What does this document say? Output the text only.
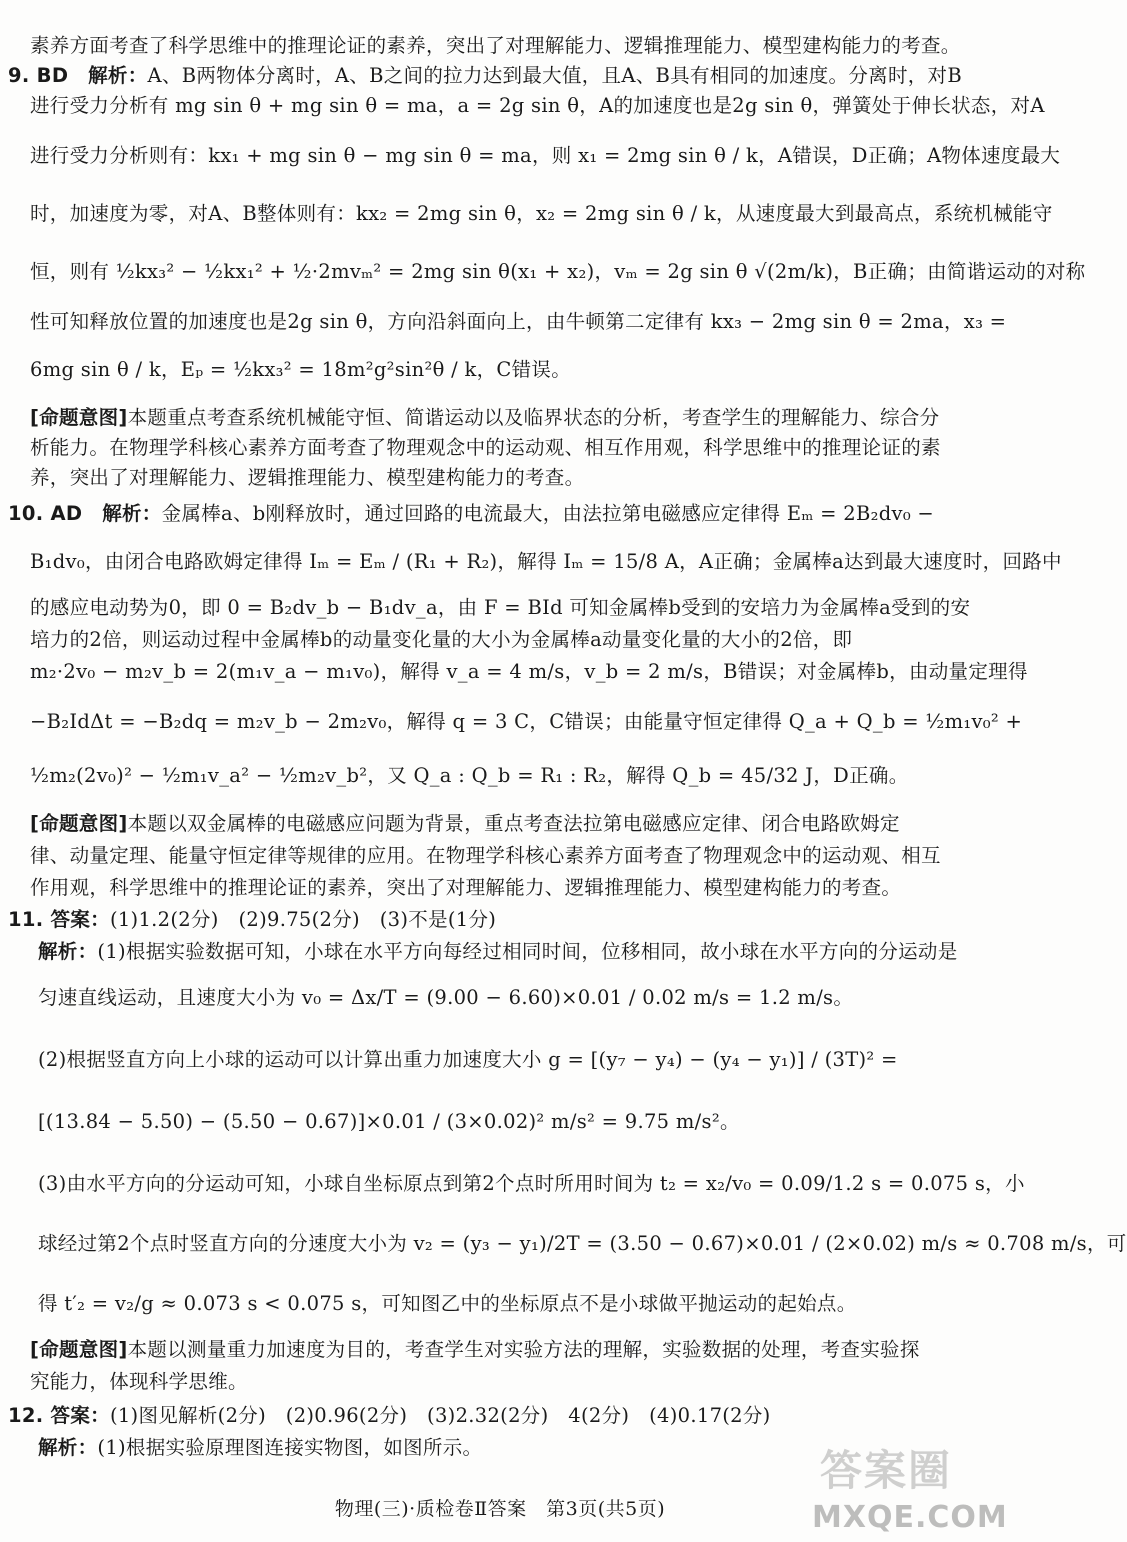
素养方面考查了科学思维中的推理论证的素养，突出了对理解能力、逻辑推理能力、模型建构能力的考查。
9. BD　解析：A、B两物体分离时，A、B之间的拉力达到最大值，且A、B具有相同的加速度。分离时，对B
进行受力分析有 mg sin θ + mg sin θ = ma，a = 2g sin θ，A的加速度也是2g sin θ，弹簧处于伸长状态，对A
进行受力分析则有：kx₁ + mg sin θ − mg sin θ = ma，则 x₁ = 2mg sin θ / k，A错误，D正确；A物体速度最大
时，加速度为零，对A、B整体则有：kx₂ = 2mg sin θ，x₂ = 2mg sin θ / k，从速度最大到最高点，系统机械能守
恒，则有 ½kx₃² − ½kx₁² + ½·2mvₘ² = 2mg sin θ(x₁ + x₂)，vₘ = 2g sin θ √(2m/k)，B正确；由简谐运动的对称
性可知释放位置的加速度也是2g sin θ，方向沿斜面向上，由牛顿第二定律有 kx₃ − 2mg sin θ = 2ma，x₃ =
6mg sin θ / k，Eₚ = ½kx₃² = 18m²g²sin²θ / k，C错误。
[命题意图]本题重点考查系统机械能守恒、简谐运动以及临界状态的分析，考查学生的理解能力、综合分
析能力。在物理学科核心素养方面考查了物理观念中的运动观、相互作用观，科学思维中的推理论证的素
养，突出了对理解能力、逻辑推理能力、模型建构能力的考查。
10. AD　解析：金属棒a、b刚释放时，通过回路的电流最大，由法拉第电磁感应定律得 Eₘ = 2B₂dv₀ −
B₁dv₀，由闭合电路欧姆定律得 Iₘ = Eₘ / (R₁ + R₂)，解得 Iₘ = 15/8 A，A正确；金属棒a达到最大速度时，回路中
的感应电动势为0，即 0 = B₂dv_b − B₁dv_a，由 F = BId 可知金属棒b受到的安培力为金属棒a受到的安
培力的2倍，则运动过程中金属棒b的动量变化量的大小为金属棒a动量变化量的大小的2倍，即
m₂·2v₀ − m₂v_b = 2(m₁v_a − m₁v₀)，解得 v_a = 4 m/s，v_b = 2 m/s，B错误；对金属棒b，由动量定理得
−B₂IdΔt = −B₂dq = m₂v_b − 2m₂v₀，解得 q = 3 C，C错误；由能量守恒定律得 Q_a + Q_b = ½m₁v₀² +
½m₂(2v₀)² − ½m₁v_a² − ½m₂v_b²，又 Q_a : Q_b = R₁ : R₂，解得 Q_b = 45/32 J，D正确。
[命题意图]本题以双金属棒的电磁感应问题为背景，重点考查法拉第电磁感应定律、闭合电路欧姆定
律、动量定理、能量守恒定律等规律的应用。在物理学科核心素养方面考查了物理观念中的运动观、相互
作用观，科学思维中的推理论证的素养，突出了对理解能力、逻辑推理能力、模型建构能力的考查。
11. 答案：(1)1.2(2分)　(2)9.75(2分)　(3)不是(1分)
解析：(1)根据实验数据可知，小球在水平方向每经过相同时间，位移相同，故小球在水平方向的分运动是
匀速直线运动，且速度大小为 v₀ = Δx/T = (9.00 − 6.60)×0.01 / 0.02 m/s = 1.2 m/s。
(2)根据竖直方向上小球的运动可以计算出重力加速度大小 g = [(y₇ − y₄) − (y₄ − y₁)] / (3T)² =
[(13.84 − 5.50) − (5.50 − 0.67)]×0.01 / (3×0.02)² m/s² = 9.75 m/s²。
(3)由水平方向的分运动可知，小球自坐标原点到第2个点时所用时间为 t₂ = x₂/v₀ = 0.09/1.2 s = 0.075 s，小
球经过第2个点时竖直方向的分速度大小为 v₂ = (y₃ − y₁)/2T = (3.50 − 0.67)×0.01 / (2×0.02) m/s ≈ 0.708 m/s，可
得 t′₂ = v₂/g ≈ 0.073 s < 0.075 s，可知图乙中的坐标原点不是小球做平抛运动的起始点。
[命题意图]本题以测量重力加速度为目的，考查学生对实验方法的理解，实验数据的处理，考查实验探
究能力，体现科学思维。
12. 答案：(1)图见解析(2分)　(2)0.96(2分)　(3)2.32(2分)　4(2分)　(4)0.17(2分)
解析：(1)根据实验原理图连接实物图，如图所示。
物理(三)·质检卷Ⅱ答案　第3页(共5页)
答案圈
MXQE.COM
